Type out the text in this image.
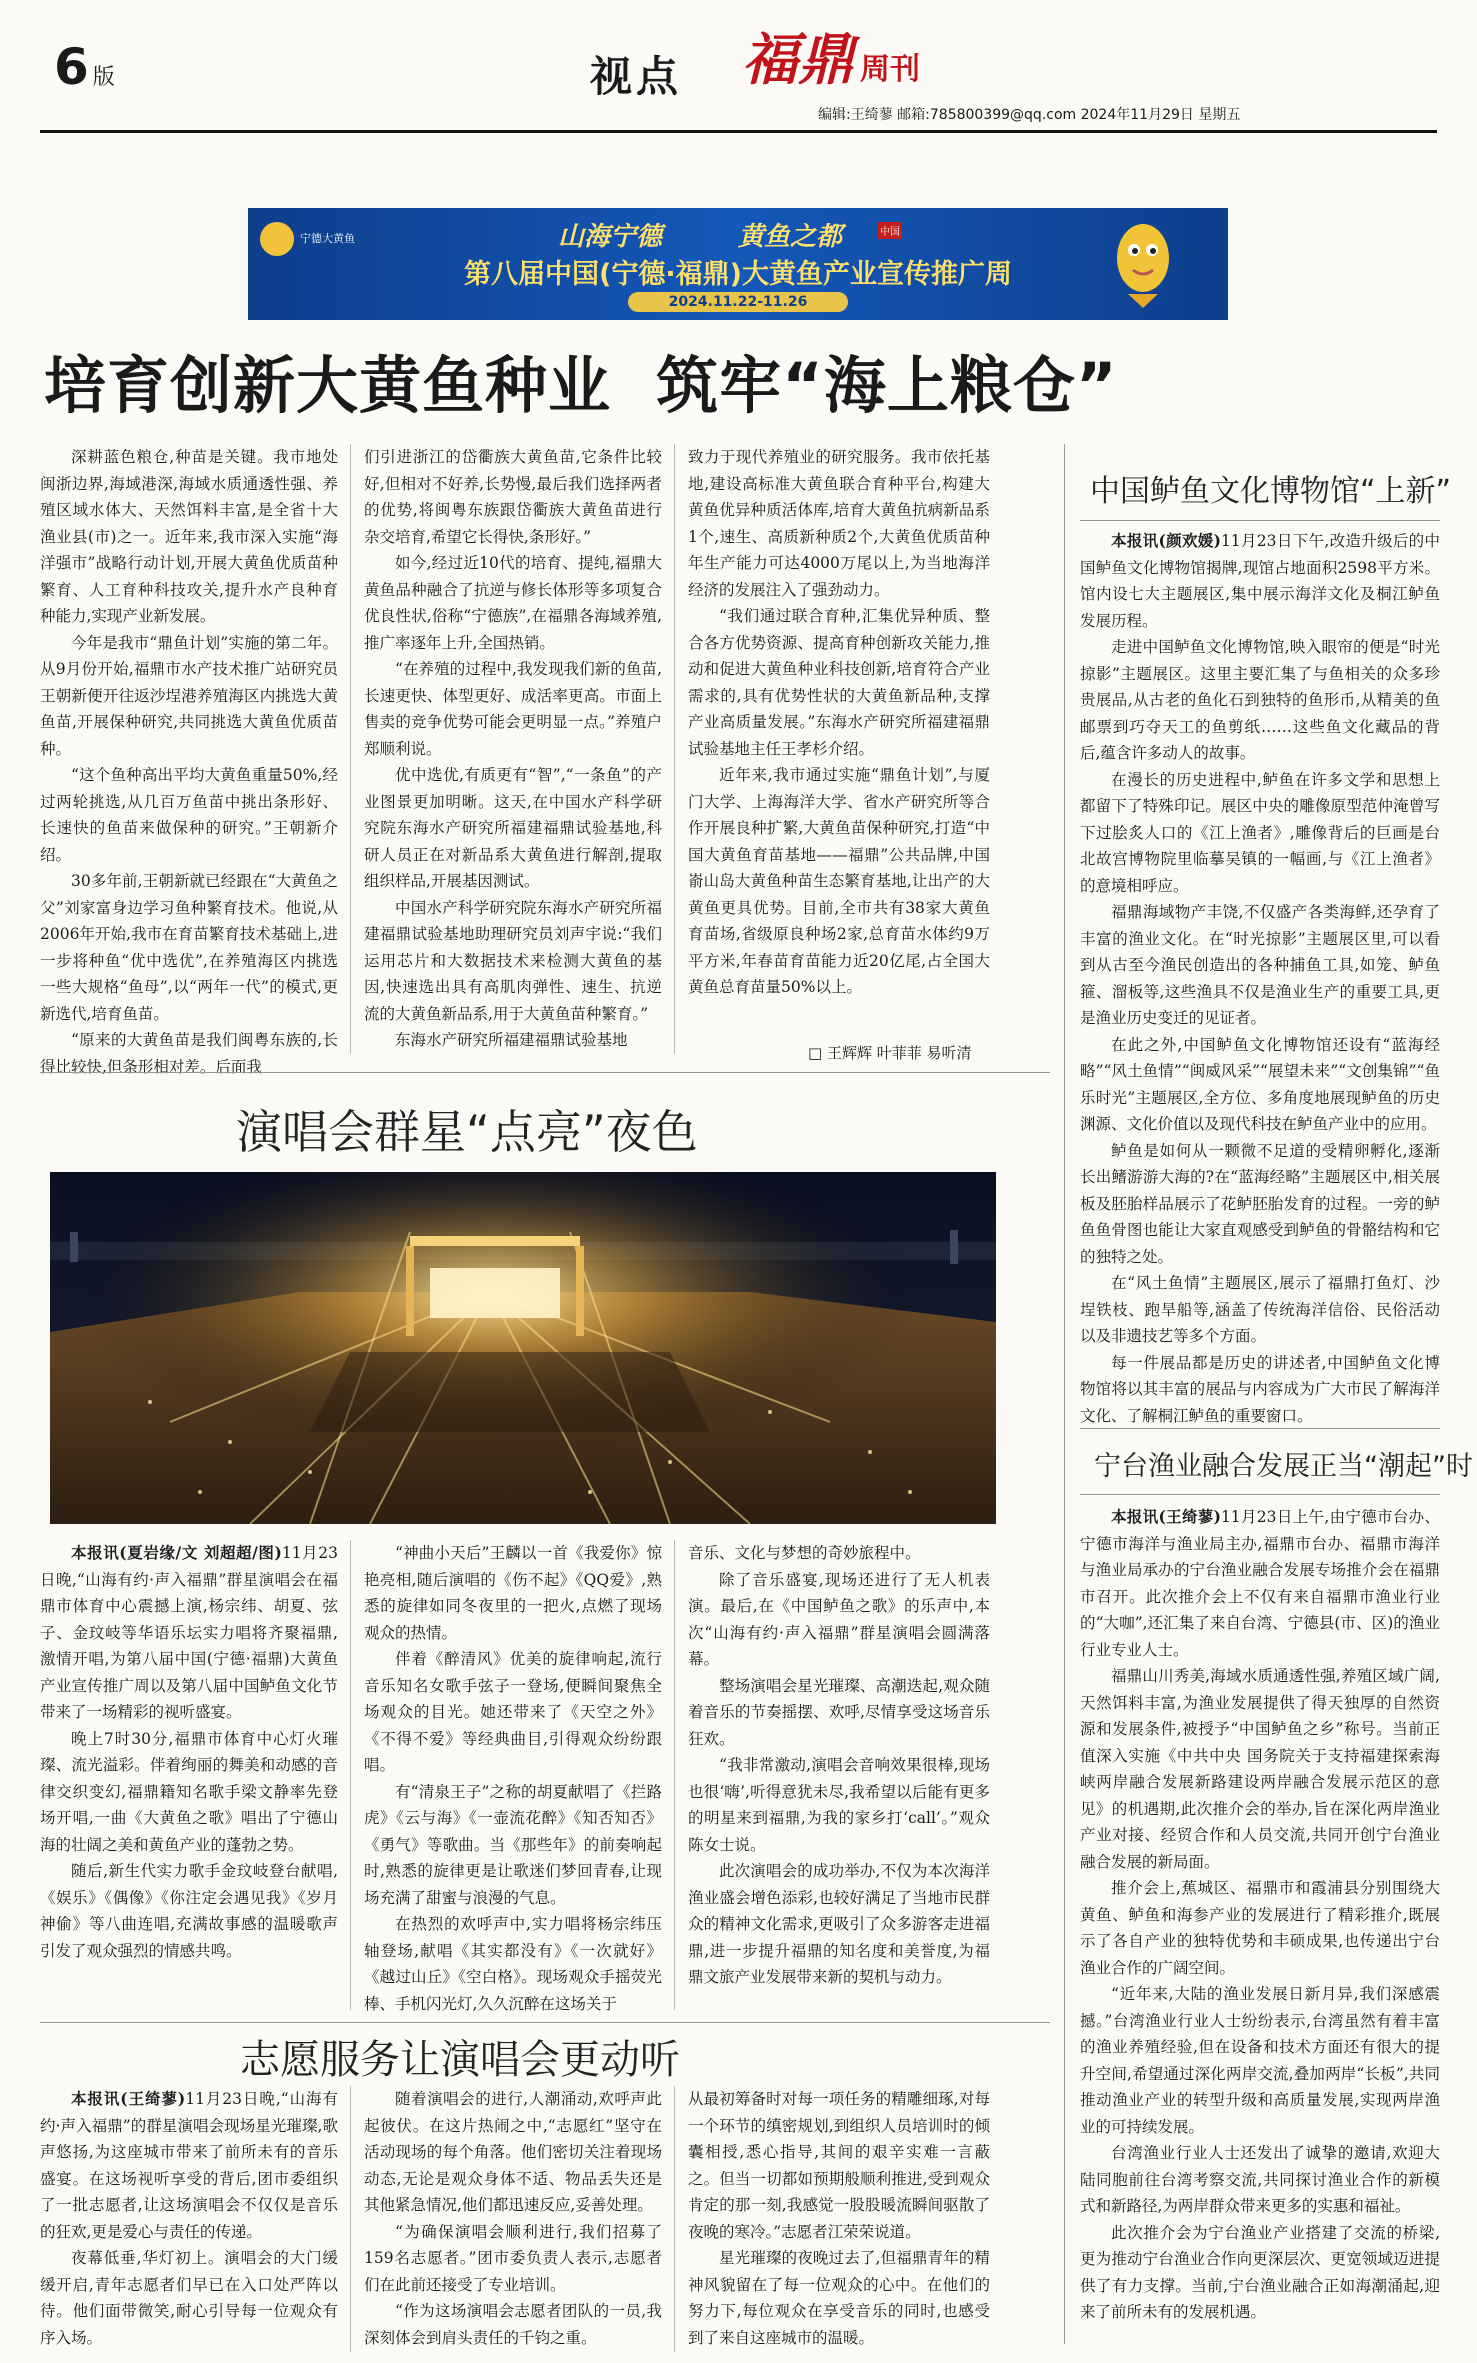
6 版	视点 福鼎 周刊
编辑:王绮蓼 邮箱:785800399@qq.com 2024年11月29日 星期五
宁德大黄鱼	山海宁德	黄鱼之都	中国
第八届中国(宁德·福鼎)大黄鱼产业宣传推广周
2024.11.22-11.26
培育创新大黄鱼种业  筑牢“海上粮仓”

深耕蓝色粮仓,种苗是关键。我市地处闽浙边界,海域港深,海域水质通透性强、养殖区域水体大、天然饵料丰富,是全省十大渔业县(市)之一。近年来,我市深入实施“海洋强市”战略行动计划,开展大黄鱼优质苗种繁育、人工育种科技攻关,提升水产良种育种能力,实现产业新发展。

今年是我市“鼎鱼计划”实施的第二年。从9月份开始,福鼎市水产技术推广站研究员王朝新便开往返沙埕港养殖海区内挑选大黄鱼苗,开展保种研究,共同挑选大黄鱼优质苗种。

“这个鱼种高出平均大黄鱼重量50%,经过两轮挑选,从几百万鱼苗中挑出条形好、长速快的鱼苗来做保种的研究。”王朝新介绍。

30多年前,王朝新就已经跟在“大黄鱼之父”刘家富身边学习鱼种繁育技术。他说,从2006年开始,我市在育苗繁育技术基础上,进一步将种鱼“优中选优”,在养殖海区内挑选一些大规格“鱼母”,以“两年一代”的模式,更新选代,培育鱼苗。

“原来的大黄鱼苗是我们闽粤东族的,长得比较快,但条形相对差。后面我

们引进浙江的岱衢族大黄鱼苗,它条件比较好,但相对不好养,长势慢,最后我们选择两者的优势,将闽粤东族跟岱衢族大黄鱼苗进行杂交培育,希望它长得快,条形好。”

如今,经过近10代的培育、提纯,福鼎大黄鱼品种融合了抗逆与修长体形等多项复合优良性状,俗称“宁德族”,在福鼎各海域养殖,推广率逐年上升,全国热销。

“在养殖的过程中,我发现我们新的鱼苗,长速更快、体型更好、成活率更高。市面上售卖的竞争优势可能会更明显一点。”养殖户郑顺利说。

优中选优,有质更有“智”,“一条鱼”的产业图景更加明晰。这天,在中国水产科学研究院东海水产研究所福建福鼎试验基地,科研人员正在对新品系大黄鱼进行解剖,提取组织样品,开展基因测试。

中国水产科学研究院东海水产研究所福建福鼎试验基地助理研究员刘声宇说:“我们运用芯片和大数据技术来检测大黄鱼的基因,快速选出具有高肌肉弹性、速生、抗逆流的大黄鱼新品系,用于大黄鱼苗种繁育。”

东海水产研究所福建福鼎试验基地

致力于现代养殖业的研究服务。我市依托基地,建设高标准大黄鱼联合育种平台,构建大黄鱼优异种质活体库,培育大黄鱼抗病新品系1个,速生、高质新种质2个,大黄鱼优质苗种年生产能力可达4000万尾以上,为当地海洋经济的发展注入了强劲动力。

“我们通过联合育种,汇集优异种质、整合各方优势资源、提高育种创新攻关能力,推动和促进大黄鱼种业科技创新,培育符合产业需求的,具有优势性状的大黄鱼新品种,支撑产业高质量发展。”东海水产研究所福建福鼎试验基地主任王孝杉介绍。

近年来,我市通过实施“鼎鱼计划”,与厦门大学、上海海洋大学、省水产研究所等合作开展良种扩繁,大黄鱼苗保种研究,打造“中国大黄鱼育苗基地——福鼎”公共品牌,中国嵛山岛大黄鱼种苗生态繁育基地,让出产的大黄鱼更具优势。目前,全市共有38家大黄鱼育苗场,省级原良种场2家,总育苗水体约9万平方米,年春苗育苗能力近20亿尾,占全国大黄鱼总育苗量50%以上。

□ 王辉辉 叶菲菲 易听清
中国鲈鱼文化博物馆“上新”

本报讯(颜欢媛)11月23日下午,改造升级后的中国鲈鱼文化博物馆揭牌,现馆占地面积2598平方米。馆内设七大主题展区,集中展示海洋文化及桐江鲈鱼发展历程。

走进中国鲈鱼文化博物馆,映入眼帘的便是“时光掠影”主题展区。这里主要汇集了与鱼相关的众多珍贵展品,从古老的鱼化石到独特的鱼形币,从精美的鱼邮票到巧夺天工的鱼剪纸……这些鱼文化藏品的背后,蕴含许多动人的故事。

在漫长的历史进程中,鲈鱼在许多文学和思想上都留下了特殊印记。展区中央的雕像原型范仲淹曾写下过脍炙人口的《江上渔者》,雕像背后的巨画是台北故宫博物院里临摹吴镇的一幅画,与《江上渔者》的意境相呼应。

福鼎海域物产丰饶,不仅盛产各类海鲜,还孕育了丰富的渔业文化。在“时光掠影”主题展区里,可以看到从古至今渔民创造出的各种捕鱼工具,如笼、鲈鱼箍、溜板等,这些渔具不仅是渔业生产的重要工具,更是渔业历史变迁的见证者。

在此之外,中国鲈鱼文化博物馆还设有“蓝海经略”“风土鱼情”“闽威风采”“展望未来”“文创集锦”“鱼乐时光”主题展区,全方位、多角度地展现鲈鱼的历史渊源、文化价值以及现代科技在鲈鱼产业中的应用。

鲈鱼是如何从一颗微不足道的受精卵孵化,逐渐长出鳍游游大海的?在“蓝海经略”主题展区中,相关展板及胚胎样品展示了花鲈胚胎发育的过程。一旁的鲈鱼鱼骨图也能让大家直观感受到鲈鱼的骨骼结构和它的独特之处。

在“风土鱼情”主题展区,展示了福鼎打鱼灯、沙埕铁枝、跑旱船等,涵盖了传统海洋信俗、民俗活动以及非遗技艺等多个方面。

每一件展品都是历史的讲述者,中国鲈鱼文化博物馆将以其丰富的展品与内容成为广大市民了解海洋文化、了解桐江鲈鱼的重要窗口。

宁台渔业融合发展正当“潮起”时

本报讯(王绮蓼)11月23日上午,由宁德市台办、宁德市海洋与渔业局主办,福鼎市台办、福鼎市海洋与渔业局承办的宁台渔业融合发展专场推介会在福鼎市召开。此次推介会上不仅有来自福鼎市渔业行业的“大咖”,还汇集了来自台湾、宁德县(市、区)的渔业行业专业人士。

福鼎山川秀美,海域水质通透性强,养殖区域广阔,天然饵料丰富,为渔业发展提供了得天独厚的自然资源和发展条件,被授予“中国鲈鱼之乡”称号。当前正值深入实施《中共中央 国务院关于支持福建探索海峡两岸融合发展新路建设两岸融合发展示范区的意见》的机遇期,此次推介会的举办,旨在深化两岸渔业产业对接、经贸合作和人员交流,共同开创宁台渔业融合发展的新局面。

推介会上,蕉城区、福鼎市和霞浦县分别围绕大黄鱼、鲈鱼和海参产业的发展进行了精彩推介,既展示了各自产业的独特优势和丰硕成果,也传递出宁台渔业合作的广阔空间。

“近年来,大陆的渔业发展日新月异,我们深感震撼。”台湾渔业行业人士纷纷表示,台湾虽然有着丰富的渔业养殖经验,但在设备和技术方面还有很大的提升空间,希望通过深化两岸交流,叠加两岸“长板”,共同推动渔业产业的转型升级和高质量发展,实现两岸渔业的可持续发展。

台湾渔业行业人士还发出了诚挚的邀请,欢迎大陆同胞前往台湾考察交流,共同探讨渔业合作的新模式和新路径,为两岸群众带来更多的实惠和福祉。

此次推介会为宁台渔业产业搭建了交流的桥梁,更为推动宁台渔业合作向更深层次、更宽领域迈进提供了有力支撑。当前,宁台渔业融合正如海潮涌起,迎来了前所未有的发展机遇。

演唱会群星“点亮”夜色

本报讯(夏岩缘/文 刘超超/图)11月23日晚,“山海有约·声入福鼎”群星演唱会在福鼎市体育中心震撼上演,杨宗纬、胡夏、弦子、金玟岐等华语乐坛实力唱将齐聚福鼎,激情开唱,为第八届中国(宁德·福鼎)大黄鱼产业宣传推广周以及第八届中国鲈鱼文化节带来了一场精彩的视听盛宴。

晚上7时30分,福鼎市体育中心灯火璀璨、流光溢彩。伴着绚丽的舞美和动感的音律交织变幻,福鼎籍知名歌手梁文静率先登场开唱,一曲《大黄鱼之歌》唱出了宁德山海的壮阔之美和黄鱼产业的蓬勃之势。

随后,新生代实力歌手金玟岐登台献唱,《娱乐》《偶像》《你注定会遇见我》《岁月神偷》等八曲连唱,充满故事感的温暖歌声引发了观众强烈的情感共鸣。

“神曲小天后”王麟以一首《我爱你》惊艳亮相,随后演唱的《伤不起》《QQ爱》,熟悉的旋律如同冬夜里的一把火,点燃了现场观众的热情。

伴着《醉清风》优美的旋律响起,流行音乐知名女歌手弦子一登场,便瞬间聚焦全场观众的目光。她还带来了《天空之外》《不得不爱》等经典曲目,引得观众纷纷跟唱。

有“清泉王子”之称的胡夏献唱了《拦路虎》《云与海》《一壶流花醉》《知否知否》《勇气》等歌曲。当《那些年》的前奏响起时,熟悉的旋律更是让歌迷们梦回青春,让现场充满了甜蜜与浪漫的气息。

在热烈的欢呼声中,实力唱将杨宗纬压轴登场,献唱《其实都没有》《一次就好》《越过山丘》《空白格》。现场观众手摇荧光棒、手机闪光灯,久久沉醉在这场关于

音乐、文化与梦想的奇妙旅程中。

除了音乐盛宴,现场还进行了无人机表演。最后,在《中国鲈鱼之歌》的乐声中,本次“山海有约·声入福鼎”群星演唱会圆满落幕。

整场演唱会星光璀璨、高潮迭起,观众随着音乐的节奏摇摆、欢呼,尽情享受这场音乐狂欢。

“我非常激动,演唱会音响效果很棒,现场也很‘嗨’,听得意犹未尽,我希望以后能有更多的明星来到福鼎,为我的家乡打‘call’。”观众陈女士说。

此次演唱会的成功举办,不仅为本次海洋渔业盛会增色添彩,也较好满足了当地市民群众的精神文化需求,更吸引了众多游客走进福鼎,进一步提升福鼎的知名度和美誉度,为福鼎文旅产业发展带来新的契机与动力。

志愿服务让演唱会更动听

本报讯(王绮蓼)11月23日晚,“山海有约·声入福鼎”的群星演唱会现场星光璀璨,歌声悠扬,为这座城市带来了前所未有的音乐盛宴。在这场视听享受的背后,团市委组织了一批志愿者,让这场演唱会不仅仅是音乐的狂欢,更是爱心与责任的传递。

夜幕低垂,华灯初上。演唱会的大门缓缓开启,青年志愿者们早已在入口处严阵以待。他们面带微笑,耐心引导每一位观众有序入场。

随着演唱会的进行,人潮涌动,欢呼声此起彼伏。在这片热闹之中,“志愿红”坚守在活动现场的每个角落。他们密切关注着现场动态,无论是观众身体不适、物品丢失还是其他紧急情况,他们都迅速反应,妥善处理。

“为确保演唱会顺利进行,我们招募了159名志愿者。”团市委负责人表示,志愿者们在此前还接受了专业培训。

“作为这场演唱会志愿者团队的一员,我深刻体会到肩头责任的千钧之重。

从最初筹备时对每一项任务的精雕细琢,对每一个环节的缜密规划,到组织人员培训时的倾囊相授,悉心指导,其间的艰辛实难一言蔽之。但当一切都如预期般顺利推进,受到观众肯定的那一刻,我感觉一股股暖流瞬间驱散了夜晚的寒冷。”志愿者江荣荣说道。

星光璀璨的夜晚过去了,但福鼎青年的精神风貌留在了每一位观众的心中。在他们的努力下,每位观众在享受音乐的同时,也感受到了来自这座城市的温暖。
